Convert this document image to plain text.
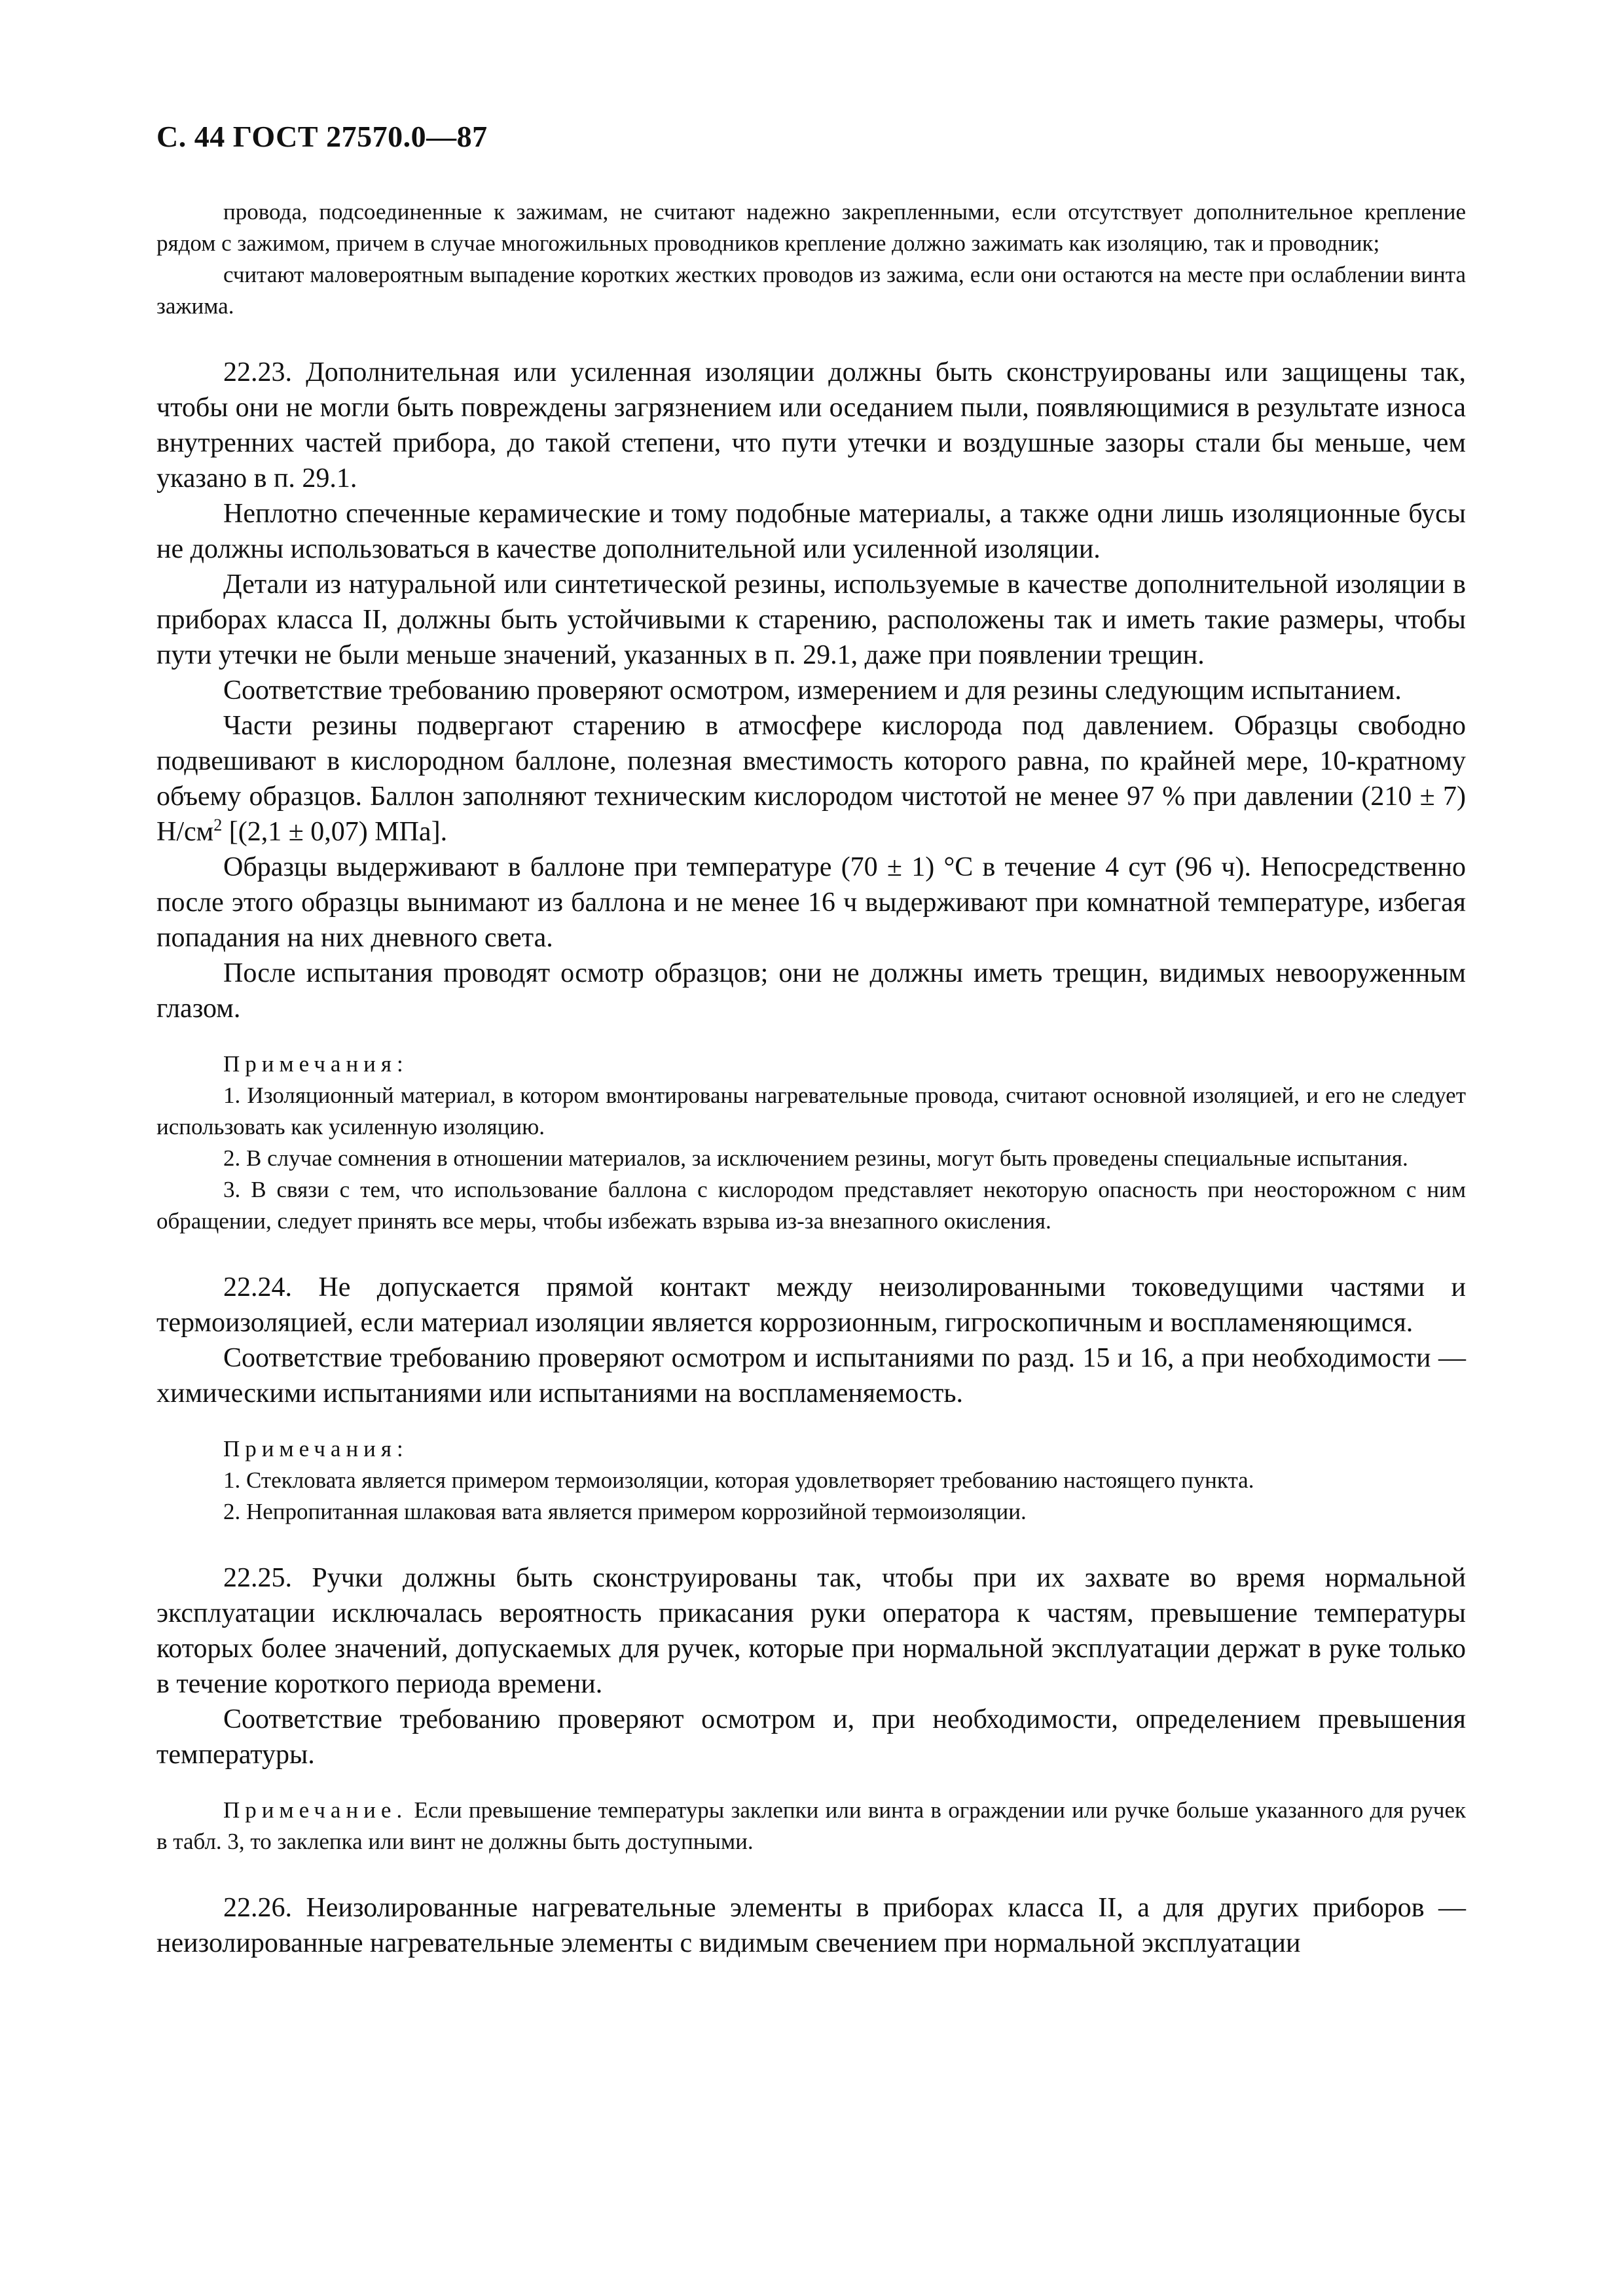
С. 44 ГОСТ 27570.0—87

провода, подсоединенные к зажимам, не считают надежно закрепленными, если отсутствует дополнительное крепление рядом с зажимом, причем в случае многожильных проводников крепление должно зажимать как изоляцию, так и проводник;

считают маловероятным выпадение коротких жестких проводов из зажима, если они остаются на месте при ослаблении винта зажима.

22.23. Дополнительная или усиленная изоляции должны быть сконструированы или защищены так, чтобы они не могли быть повреждены загрязнением или оседанием пыли, появляющимися в результате износа внутренних частей прибора, до такой степени, что пути утечки и воздушные зазоры стали бы меньше, чем указано в п. 29.1.

Неплотно спеченные керамические и тому подобные материалы, а также одни лишь изоляционные бусы не должны использоваться в качестве дополнительной или усиленной изоляции.

Детали из натуральной или синтетической резины, используемые в качестве дополнительной изоляции в приборах класса II, должны быть устойчивыми к старению, расположены так и иметь такие размеры, чтобы пути утечки не были меньше значений, указанных в п. 29.1, даже при появлении трещин.

Соответствие требованию проверяют осмотром, измерением и для резины следующим испытанием.

Части резины подвергают старению в атмосфере кислорода под давлением. Образцы свободно подвешивают в кислородном баллоне, полезная вместимость которого равна, по крайней мере, 10-кратному объему образцов. Баллон заполняют техническим кислородом чистотой не менее 97 % при давлении (210 ± 7) $Н/см^2$ [(2,1 ± 0,07) МПа].

Образцы выдерживают в баллоне при температуре (70 ± 1) °С в течение 4 сут (96 ч). Непосредственно после этого образцы вынимают из баллона и не менее 16 ч выдерживают при комнатной температуре, избегая попадания на них дневного света.

После испытания проводят осмотр образцов; они не должны иметь трещин, видимых невооруженным глазом.

Примечания:

1. Изоляционный материал, в котором вмонтированы нагревательные провода, считают основной изоляцией, и его не следует использовать как усиленную изоляцию.

2. В случае сомнения в отношении материалов, за исключением резины, могут быть проведены специальные испытания.

3. В связи с тем, что использование баллона с кислородом представляет некоторую опасность при неосторожном с ним обращении, следует принять все меры, чтобы избежать взрыва из-за внезапного окисления.

22.24. Не допускается прямой контакт между неизолированными токоведущими частями и термоизоляцией, если материал изоляции является коррозионным, гигроскопичным и воспламеняющимся.

Соответствие требованию проверяют осмотром и испытаниями по разд. 15 и 16, а при необходимости — химическими испытаниями или испытаниями на воспламеняемость.

Примечания:

1. Стекловата является примером термоизоляции, которая удовлетворяет требованию настоящего пункта.

2. Непропитанная шлаковая вата является примером коррозийной термоизоляции.

22.25. Ручки должны быть сконструированы так, чтобы при их захвате во время нормальной эксплуатации исключалась вероятность прикасания руки оператора к частям, превышение температуры которых более значений, допускаемых для ручек, которые при нормальной эксплуатации держат в руке только в течение короткого периода времени.

Соответствие требованию проверяют осмотром и, при необходимости, определением превышения температуры.

Примечание. Если превышение температуры заклепки или винта в ограждении или ручке больше указанного для ручек в табл. 3, то заклепка или винт не должны быть доступными.

22.26. Неизолированные нагревательные элементы в приборах класса II, а для других приборов — неизолированные нагревательные элементы с видимым свечением при нормальной эксплуатации
